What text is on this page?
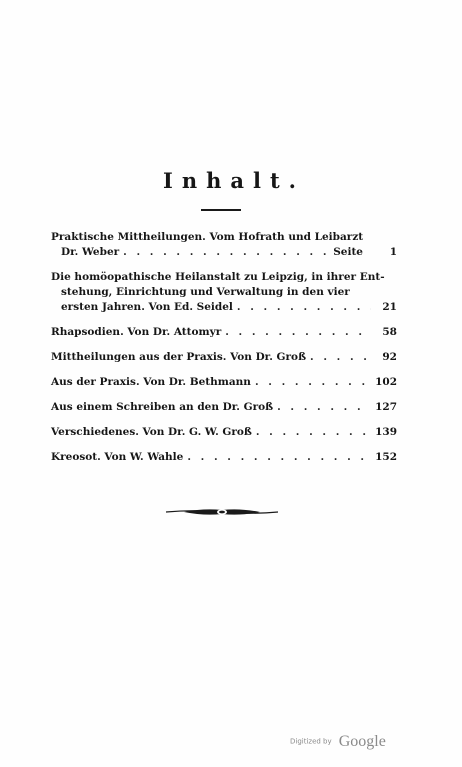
Inhalt.
Praktische Mittheilungen. Vom Hofrath und Leibarzt
Dr. Weber . . .	Seite	1
Die homöopathische Heilanstalt zu Leipzig, in ihrer Ent-
stehung, Einrichtung und Verwaltung in den vier
ersten Jahren. Von Ed. Seidel . . .	21
Rhapsodien. Von Dr. Attomyr . . .	58
Mittheilungen aus der Praxis. Von Dr. Groß . . .	92
Aus der Praxis. Von Dr. Bethmann . . .	102
Aus einem Schreiben an den Dr. Groß . . .	127
Verschiedenes. Von Dr. G. W. Groß . . .	139
Kreosot. Von W. Wahle . . .	152
Digitized by Google
